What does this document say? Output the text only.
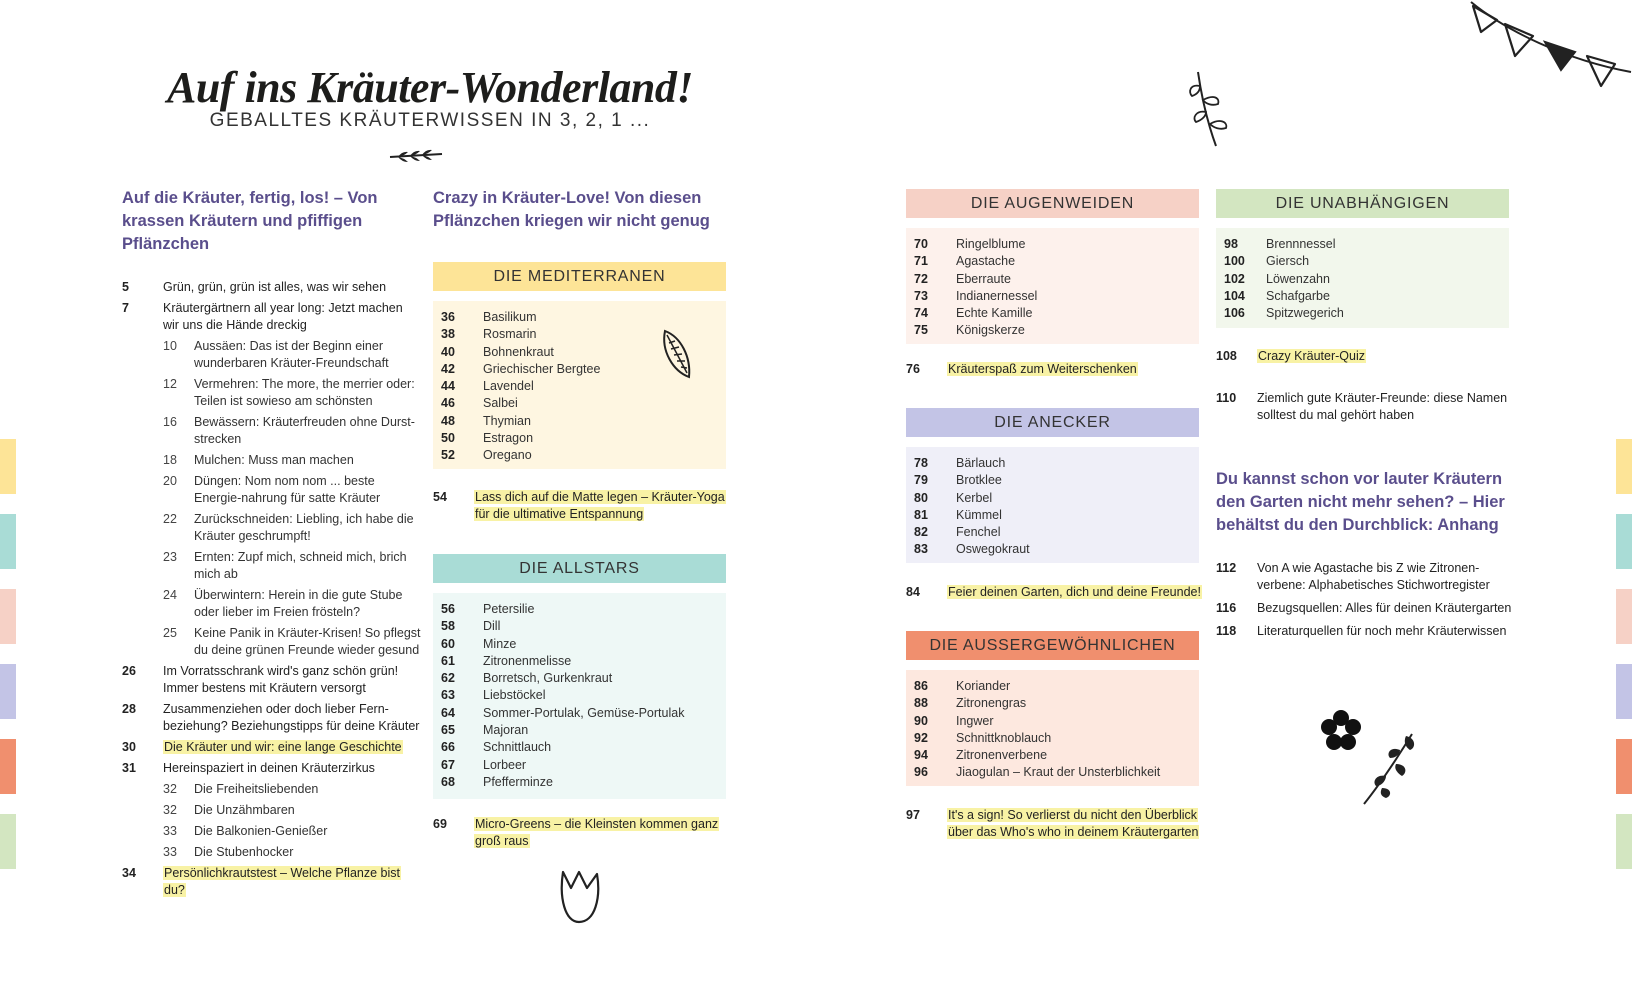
Auf ins Kräuter-Wonderland!
GEBALLTES KRÄUTERWISSEN IN 3, 2, 1 ...
Auf die Kräuter, fertig, los! – Von krassen Kräutern und pfiffigen Pflänzchen
5	Grün, grün, grün ist alles, was wir sehen
7	Kräutergärtnern all year long: Jetzt machen wir uns die Hände dreckig
10 Aussäen: Das ist der Beginn einer wunderbaren Kräuter-Freundschaft
12 Vermehren: The more, the merrier oder: Teilen ist sowieso am schönsten
16 Bewässern: Kräuterfreuden ohne Durst-strecken
18 Mulchen: Muss man machen
20 Düngen: Nom nom nom ... beste Energie-nahrung für satte Kräuter
22 Zurückschneiden: Liebling, ich habe die Kräuter geschrumpft!
23 Ernten: Zupf mich, schneid mich, brich mich ab
24 Überwintern: Herein in die gute Stube oder lieber im Freien frösteln?
25 Keine Panik in Kräuter-Krisen! So pflegst du deine grünen Freunde wieder gesund
26 Im Vorratsschrank wird's ganz schön grün! Immer bestens mit Kräutern versorgt
28 Zusammenziehen oder doch lieber Fern-beziehung? Beziehungstipps für deine Kräuter
30 Die Kräuter und wir: eine lange Geschichte
31 Hereinspaziert in deinen Kräuterzirkus
32 Die Freiheitsliebenden
32 Die Unzähmbaren
33 Die Balkonien-Genießer
33 Die Stubenhocker
34 Persönlichkrautstest – Welche Pflanze bist du?
Crazy in Kräuter-Love! Von diesen Pflänzchen kriegen wir nicht genug
DIE MEDITERRANEN
36 Basilikum
38 Rosmarin
40 Bohnenkraut
42 Griechischer Bergtee
44 Lavendel
46 Salbei
48 Thymian
50 Estragon
52 Oregano
54 Lass dich auf die Matte legen – Kräuter-Yoga für die ultimative Entspannung
DIE ALLSTARS
56 Petersilie
58 Dill
60 Minze
61 Zitronenmelisse
62 Borretsch, Gurkenkraut
63 Liebstöckel
64 Sommer-Portulak, Gemüse-Portulak
65 Majoran
66 Schnittlauch
67 Lorbeer
68 Pfefferminze
69 Micro-Greens – die Kleinsten kommen ganz groß raus
DIE AUGENWEIDEN
70 Ringelblume
71 Agastache
72 Eberraute
73 Indianernessel
74 Echte Kamille
75 Königskerze
76 Kräuterspaß zum Weiterschenken
DIE ANECKER
78 Bärlauch
79 Brotklee
80 Kerbel
81 Kümmel
82 Fenchel
83 Oswegokraut
84 Feier deinen Garten, dich und deine Freunde!
DIE AUSSERGEWÖHNLICHEN
86 Koriander
88 Zitronengras
90 Ingwer
92 Schnittknoblauch
94 Zitronenverbene
96 Jiaogulan – Kraut der Unsterblichkeit
97 It's a sign! So verlierst du nicht den Überblick über das Who's who in deinem Kräutergarten
DIE UNABHÄNGIGEN
98 Brennnessel
100 Giersch
102 Löwenzahn
104 Schafgarbe
106 Spitzwegerich
108 Crazy Kräuter-Quiz
110 Ziemlich gute Kräuter-Freunde: diese Namen solltest du mal gehört haben
Du kannst schon vor lauter Kräutern den Garten nicht mehr sehen? – Hier behältst du den Durchblick: Anhang
112 Von A wie Agastache bis Z wie Zitronen-verbene: Alphabetisches Stichwortregister
116 Bezugsquellen: Alles für deinen Kräutergarten
118 Literaturquellen für noch mehr Kräuterwissen
